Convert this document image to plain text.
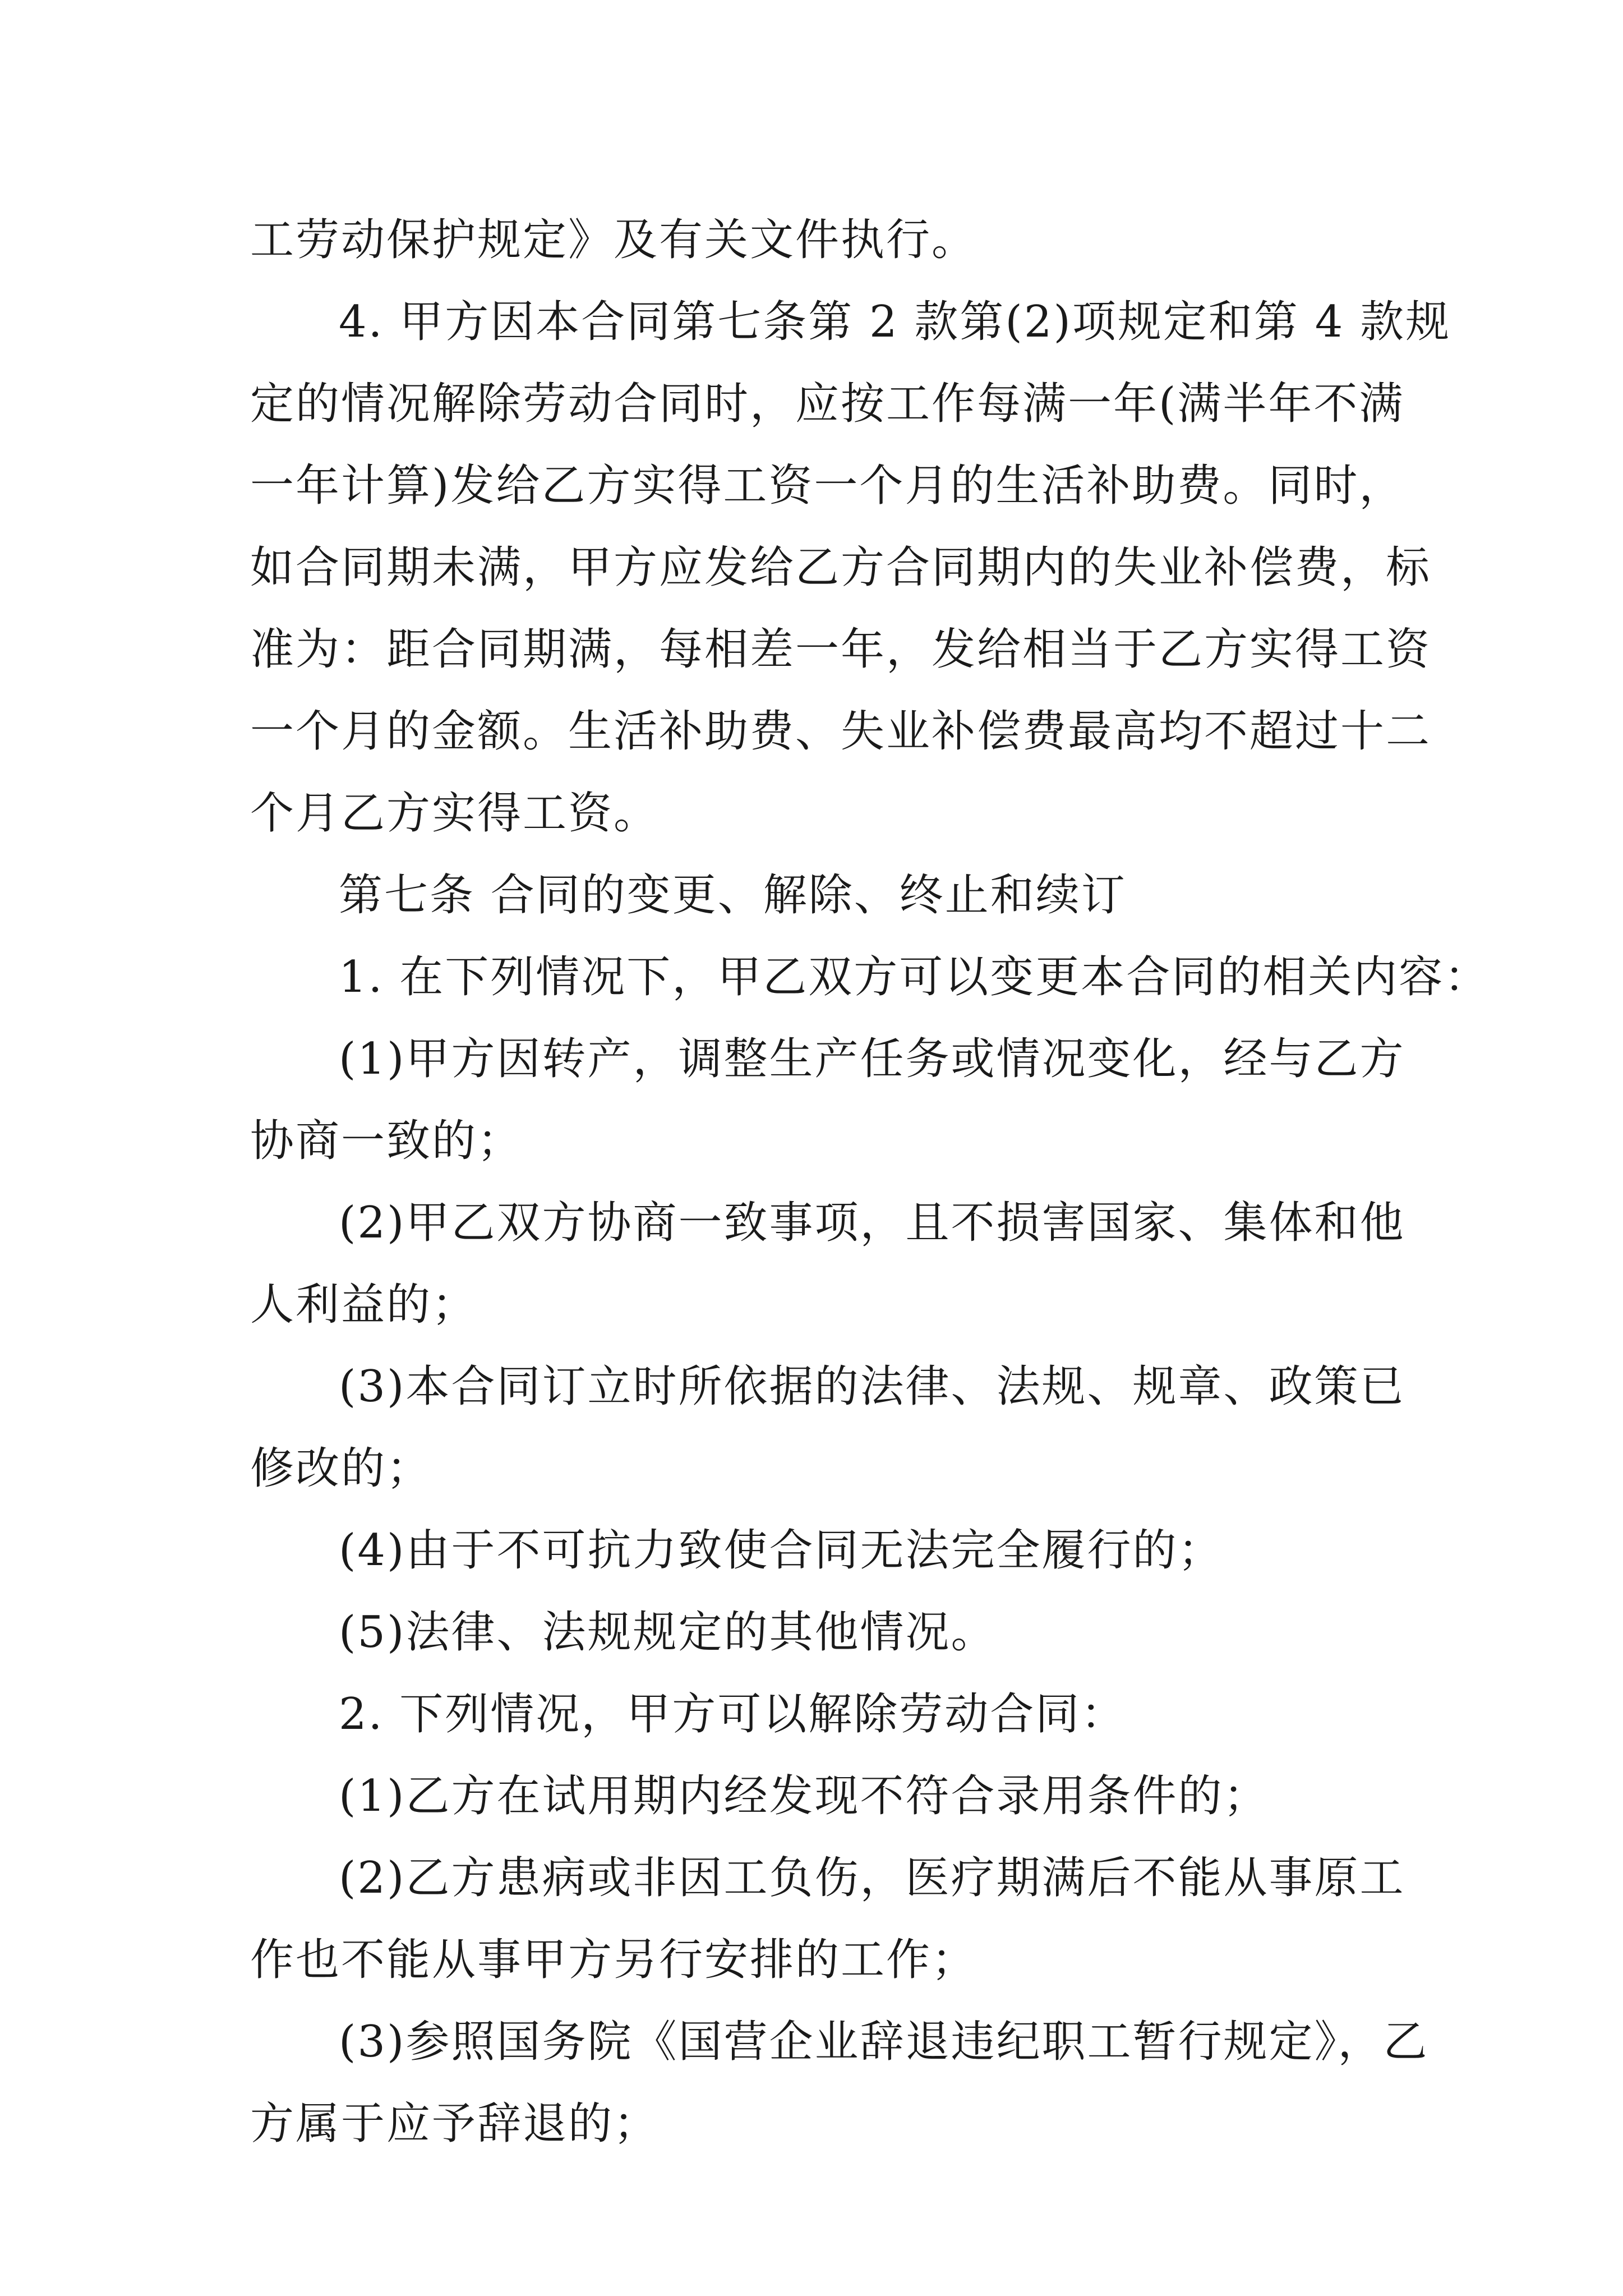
工劳动保护规定》及有关文件执行。
4. 甲方因本合同第七条第 2 款第(2)项规定和第 4 款规
定的情况解除劳动合同时，应按工作每满一年(满半年不满
一年计算)发给乙方实得工资一个月的生活补助费。同时，
如合同期未满，甲方应发给乙方合同期内的失业补偿费，标
准为：距合同期满，每相差一年，发给相当于乙方实得工资
一个月的金额。生活补助费、失业补偿费最高均不超过十二
个月乙方实得工资。
第七条 合同的变更、解除、终止和续订
1. 在下列情况下，甲乙双方可以变更本合同的相关内容：
(1)甲方因转产，调整生产任务或情况变化，经与乙方
协商一致的；
(2)甲乙双方协商一致事项，且不损害国家、集体和他
人利益的；
(3)本合同订立时所依据的法律、法规、规章、政策已
修改的；
(4)由于不可抗力致使合同无法完全履行的；
(5)法律、法规规定的其他情况。
2. 下列情况，甲方可以解除劳动合同：
(1)乙方在试用期内经发现不符合录用条件的；
(2)乙方患病或非因工负伤，医疗期满后不能从事原工
作也不能从事甲方另行安排的工作；
(3)参照国务院《国营企业辞退违纪职工暂行规定》，乙
方属于应予辞退的；
